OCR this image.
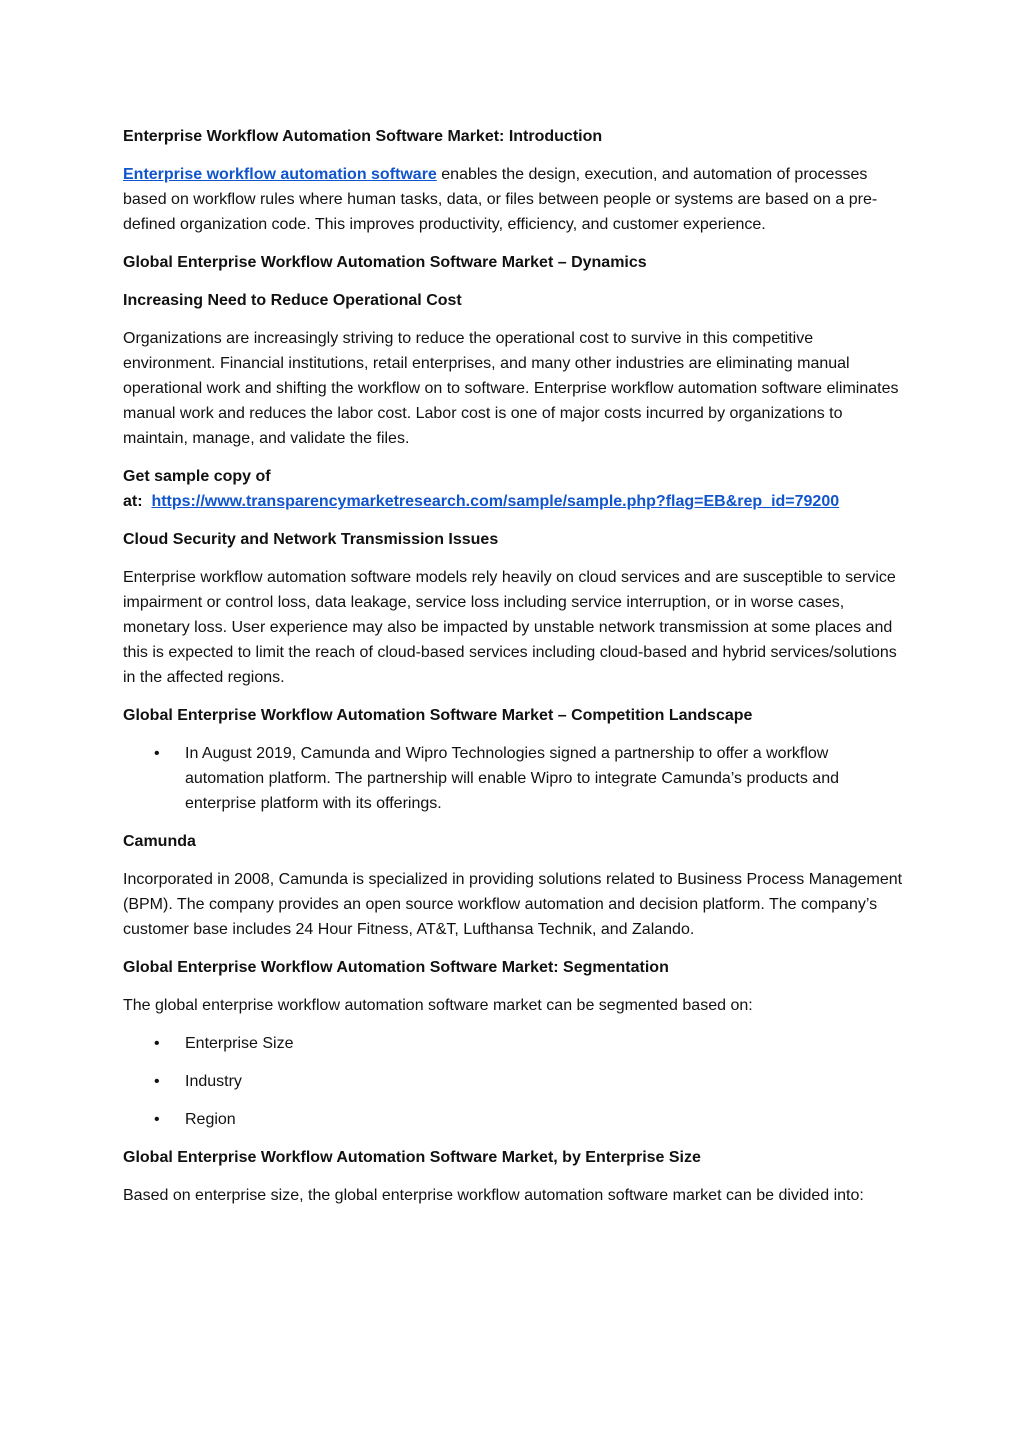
Enterprise Workflow Automation Software Market: Introduction
Enterprise workflow automation software enables the design, execution, and automation of processes based on workflow rules where human tasks, data, or files between people or systems are based on a pre-defined organization code. This improves productivity, efficiency, and customer experience.
Global Enterprise Workflow Automation Software Market – Dynamics
Increasing Need to Reduce Operational Cost
Organizations are increasingly striving to reduce the operational cost to survive in this competitive environment. Financial institutions, retail enterprises, and many other industries are eliminating manual operational work and shifting the workflow on to software. Enterprise workflow automation software eliminates manual work and reduces the labor cost. Labor cost is one of major costs incurred by organizations to maintain, manage, and validate the files.
Get sample copy of
at: https://www.transparencymarketresearch.com/sample/sample.php?flag=EB&rep_id=79200
Cloud Security and Network Transmission Issues
Enterprise workflow automation software models rely heavily on cloud services and are susceptible to service impairment or control loss, data leakage, service loss including service interruption, or in worse cases, monetary loss. User experience may also be impacted by unstable network transmission at some places and this is expected to limit the reach of cloud-based services including cloud-based and hybrid services/solutions in the affected regions.
Global Enterprise Workflow Automation Software Market – Competition Landscape
• In August 2019, Camunda and Wipro Technologies signed a partnership to offer a workflow automation platform. The partnership will enable Wipro to integrate Camunda’s products and enterprise platform with its offerings.
Camunda
Incorporated in 2008, Camunda is specialized in providing solutions related to Business Process Management (BPM). The company provides an open source workflow automation and decision platform. The company’s customer base includes 24 Hour Fitness, AT&T, Lufthansa Technik, and Zalando.
Global Enterprise Workflow Automation Software Market: Segmentation
The global enterprise workflow automation software market can be segmented based on:
• Enterprise Size
• Industry
• Region
Global Enterprise Workflow Automation Software Market, by Enterprise Size
Based on enterprise size, the global enterprise workflow automation software market can be divided into:
